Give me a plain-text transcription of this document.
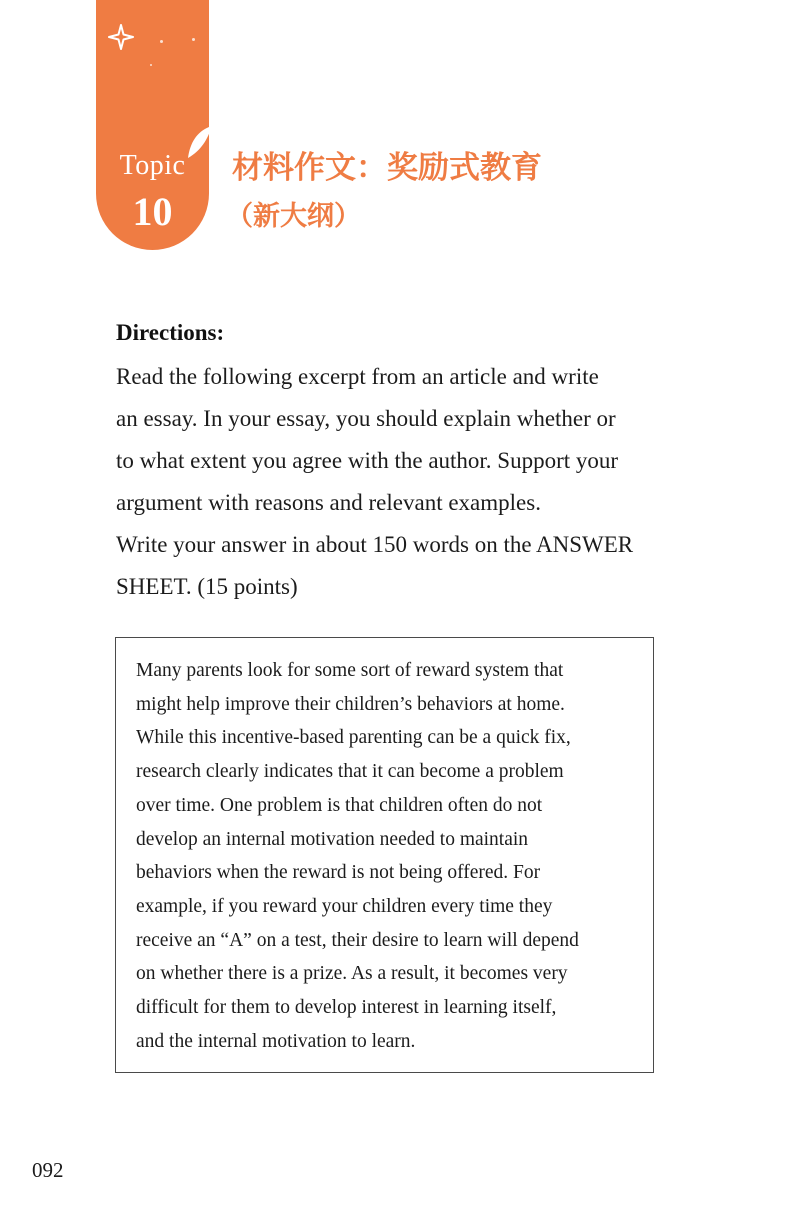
Topic
10
材料作文：奖励式教育
（新大纲）
Directions:
Read the following excerpt from an article and write
an essay. In your essay, you should explain whether or
to what extent you agree with the author. Support your
argument with reasons and relevant examples.
Write your answer in about 150 words on the ANSWER
SHEET. (15 points)
Many parents look for some sort of reward system that
might help improve their children’s behaviors at home.
While this incentive-based parenting can be a quick fix,
research clearly indicates that it can become a problem
over time. One problem is that children often do not
develop an internal motivation needed to maintain
behaviors when the reward is not being offered. For
example, if you reward your children every time they
receive an “A” on a test, their desire to learn will depend
on whether there is a prize. As a result, it becomes very
difficult for them to develop interest in learning itself,
and the internal motivation to learn.
092
